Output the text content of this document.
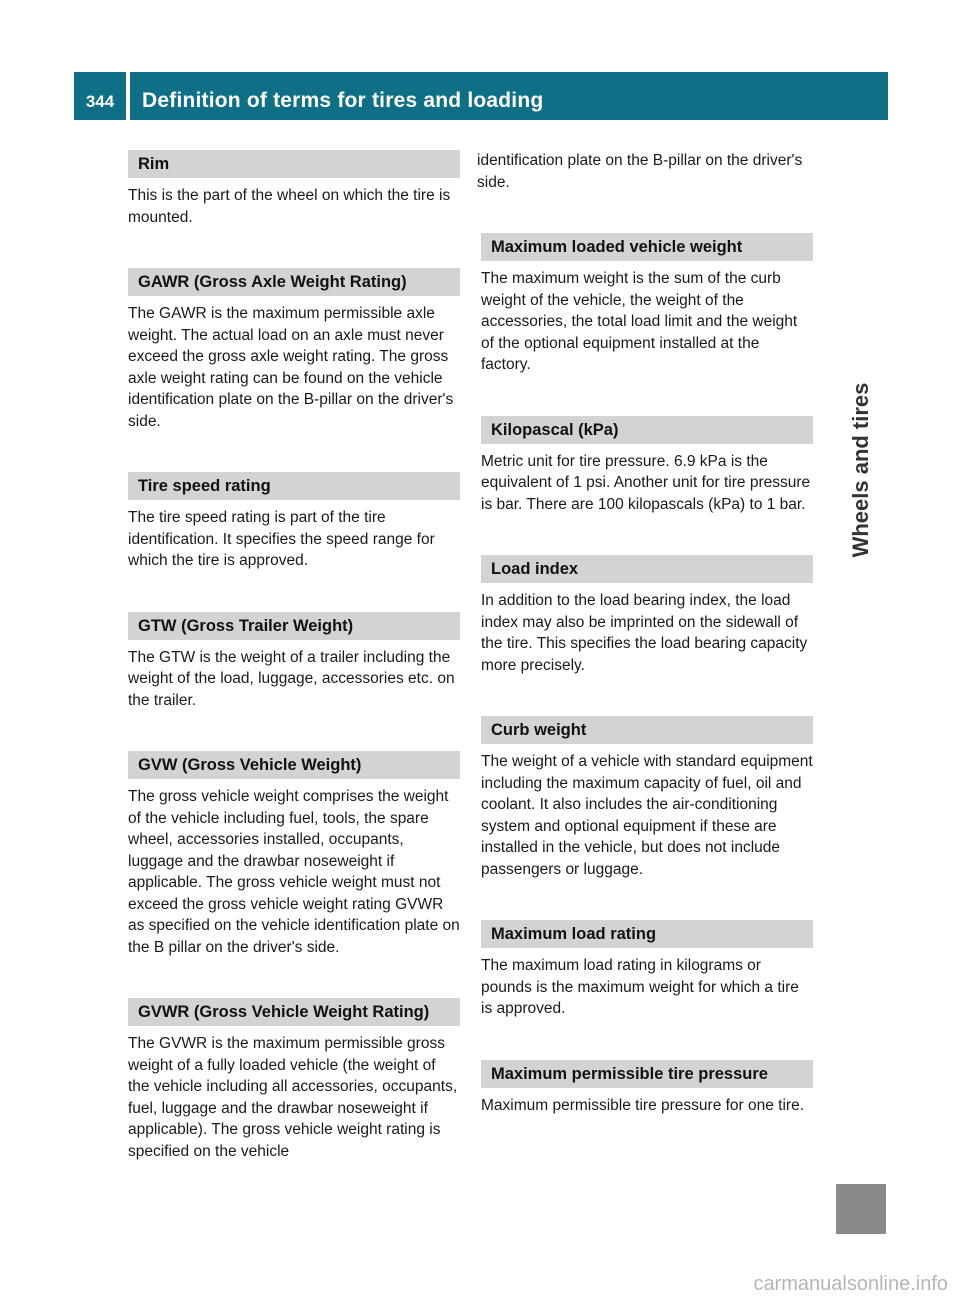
344	Definition of terms for tires and loading
Wheels and tires
Rim

This is the part of the wheel on which the tire is mounted.

GAWR (Gross Axle Weight Rating)

The GAWR is the maximum permissible axle weight. The actual load on an axle must never exceed the gross axle weight rating. The gross axle weight rating can be found on the vehicle identification plate on the B-pillar on the driver's side.

Tire speed rating

The tire speed rating is part of the tire identification. It specifies the speed range for which the tire is approved.

GTW (Gross Trailer Weight)

The GTW is the weight of a trailer including the weight of the load, luggage, accessories etc. on the trailer.

GVW (Gross Vehicle Weight)

The gross vehicle weight comprises the weight of the vehicle including fuel, tools, the spare wheel, accessories installed, occupants, luggage and the drawbar noseweight if applicable. The gross vehicle weight must not exceed the gross vehicle weight rating GVWR as specified on the vehicle identification plate on the B pillar on the driver's side.

GVWR (Gross Vehicle Weight Rating)

The GVWR is the maximum permissible gross weight of a fully loaded vehicle (the weight of the vehicle including all accessories, occupants, fuel, luggage and the drawbar noseweight if applicable). The gross vehicle weight rating is specified on the vehicle

identification plate on the B-pillar on the driver's side.

Maximum loaded vehicle weight

The maximum weight is the sum of the curb weight of the vehicle, the weight of the accessories, the total load limit and the weight of the optional equipment installed at the factory.

Kilopascal (kPa)

Metric unit for tire pressure. 6.9 kPa is the equivalent of 1 psi. Another unit for tire pressure is bar. There are 100 kilopascals (kPa) to 1 bar.

Load index

In addition to the load bearing index, the load index may also be imprinted on the sidewall of the tire. This specifies the load bearing capacity more precisely.

Curb weight

The weight of a vehicle with standard equipment including the maximum capacity of fuel, oil and coolant. It also includes the air-conditioning system and optional equipment if these are installed in the vehicle, but does not include passengers or luggage.

Maximum load rating

The maximum load rating in kilograms or pounds is the maximum weight for which a tire is approved.

Maximum permissible tire pressure

Maximum permissible tire pressure for one tire.

carmanualsonline.info
